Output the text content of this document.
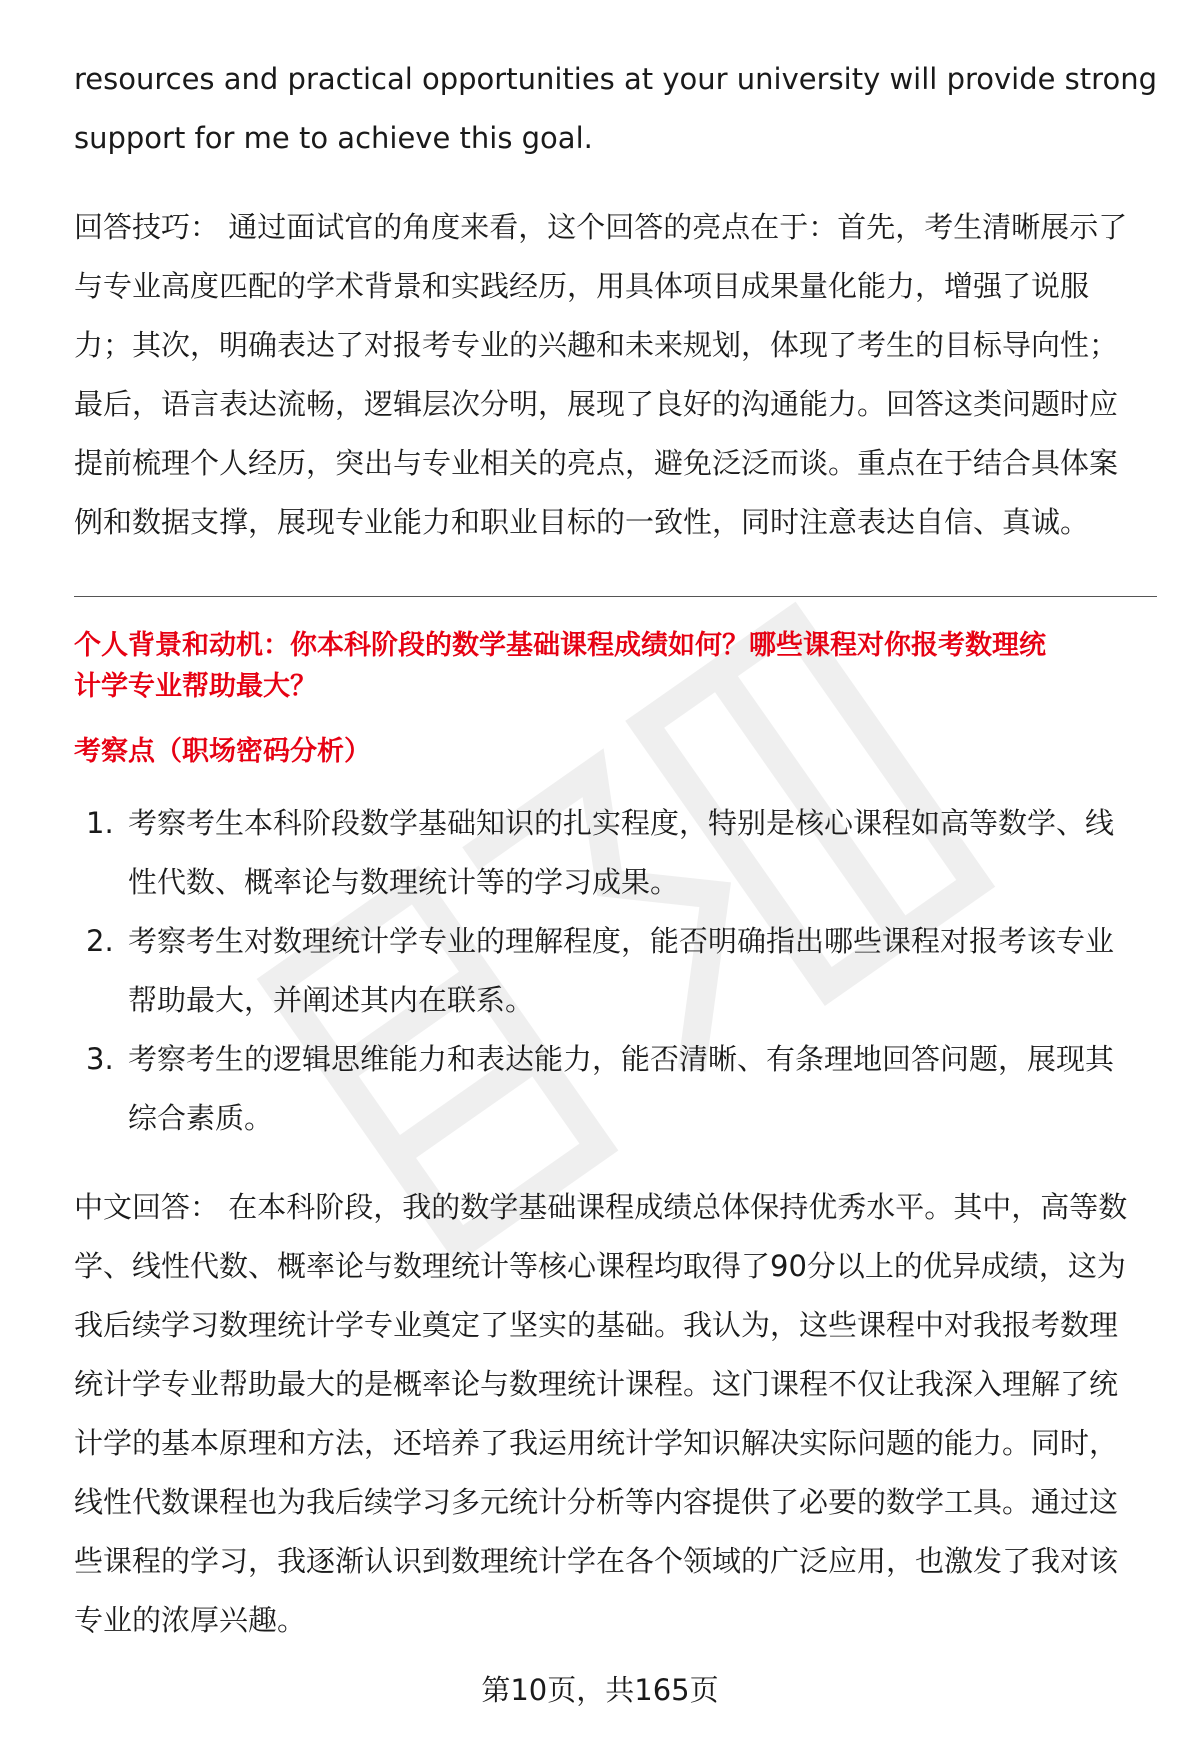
resources and practical opportunities at your university will provide strong
support for me to achieve this goal.
回答技巧： 通过面试官的角度来看，这个回答的亮点在于：首先，考生清晰展示了
与专业高度匹配的学术背景和实践经历，用具体项目成果量化能力，增强了说服
力；其次，明确表达了对报考专业的兴趣和未来规划，体现了考生的目标导向性；
最后，语言表达流畅，逻辑层次分明，展现了良好的沟通能力。回答这类问题时应
提前梳理个人经历，突出与专业相关的亮点，避免泛泛而谈。重点在于结合具体案
例和数据支撑，展现专业能力和职业目标的一致性，同时注意表达自信、真诚。
个人背景和动机：你本科阶段的数学基础课程成绩如何？哪些课程对你报考数理统
计学专业帮助最大？
考察点（职场密码分析）
1. 考察考生本科阶段数学基础知识的扎实程度，特别是核心课程如高等数学、线
性代数、概率论与数理统计等的学习成果。
2. 考察考生对数理统计学专业的理解程度，能否明确指出哪些课程对报考该专业
帮助最大，并阐述其内在联系。
3. 考察考生的逻辑思维能力和表达能力，能否清晰、有条理地回答问题，展现其
综合素质。
中文回答： 在本科阶段，我的数学基础课程成绩总体保持优秀水平。其中，高等数
学、线性代数、概率论与数理统计等核心课程均取得了90分以上的优异成绩，这为
我后续学习数理统计学专业奠定了坚实的基础。我认为，这些课程中对我报考数理
统计学专业帮助最大的是概率论与数理统计课程。这门课程不仅让我深入理解了统
计学的基本原理和方法，还培养了我运用统计学知识解决实际问题的能力。同时，
线性代数课程也为我后续学习多元统计分析等内容提供了必要的数学工具。通过这
些课程的学习，我逐渐认识到数理统计学在各个领域的广泛应用，也激发了我对该
专业的浓厚兴趣。
第10页，共165页
